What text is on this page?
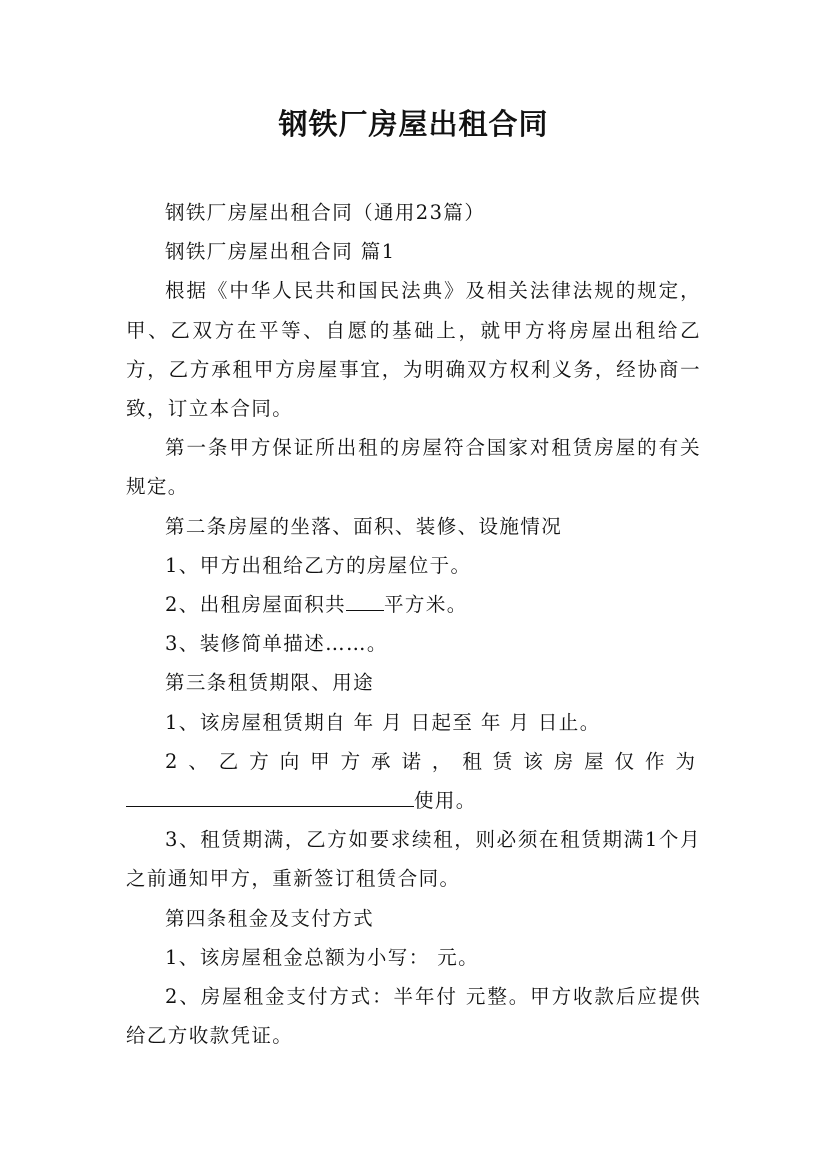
钢铁厂房屋出租合同

钢铁厂房屋出租合同（通用23篇）

钢铁厂房屋出租合同 篇1

根据《中华人民共和国民法典》及相关法律法规的规定，甲、乙双方在平等、自愿的基础上，就甲方将房屋出租给乙方，乙方承租甲方房屋事宜，为明确双方权利义务，经协商一致，订立本合同。

第一条甲方保证所出租的房屋符合国家对租赁房屋的有关规定。

第二条房屋的坐落、面积、装修、设施情况

1、甲方出租给乙方的房屋位于。

2、出租房屋面积共 平方米。

3、装修简单描述……。

第三条租赁期限、用途

1、该房屋租赁期自 年 月 日起至 年 月 日止。

2、乙方向甲方承诺，租赁该房屋仅作为

使用。

3、租赁期满，乙方如要求续租，则必须在租赁期满1个月之前通知甲方，重新签订租赁合同。

第四条租金及支付方式

1、该房屋租金总额为小写： 元。

2、房屋租金支付方式：半年付 元整。甲方收款后应提供给乙方收款凭证。
